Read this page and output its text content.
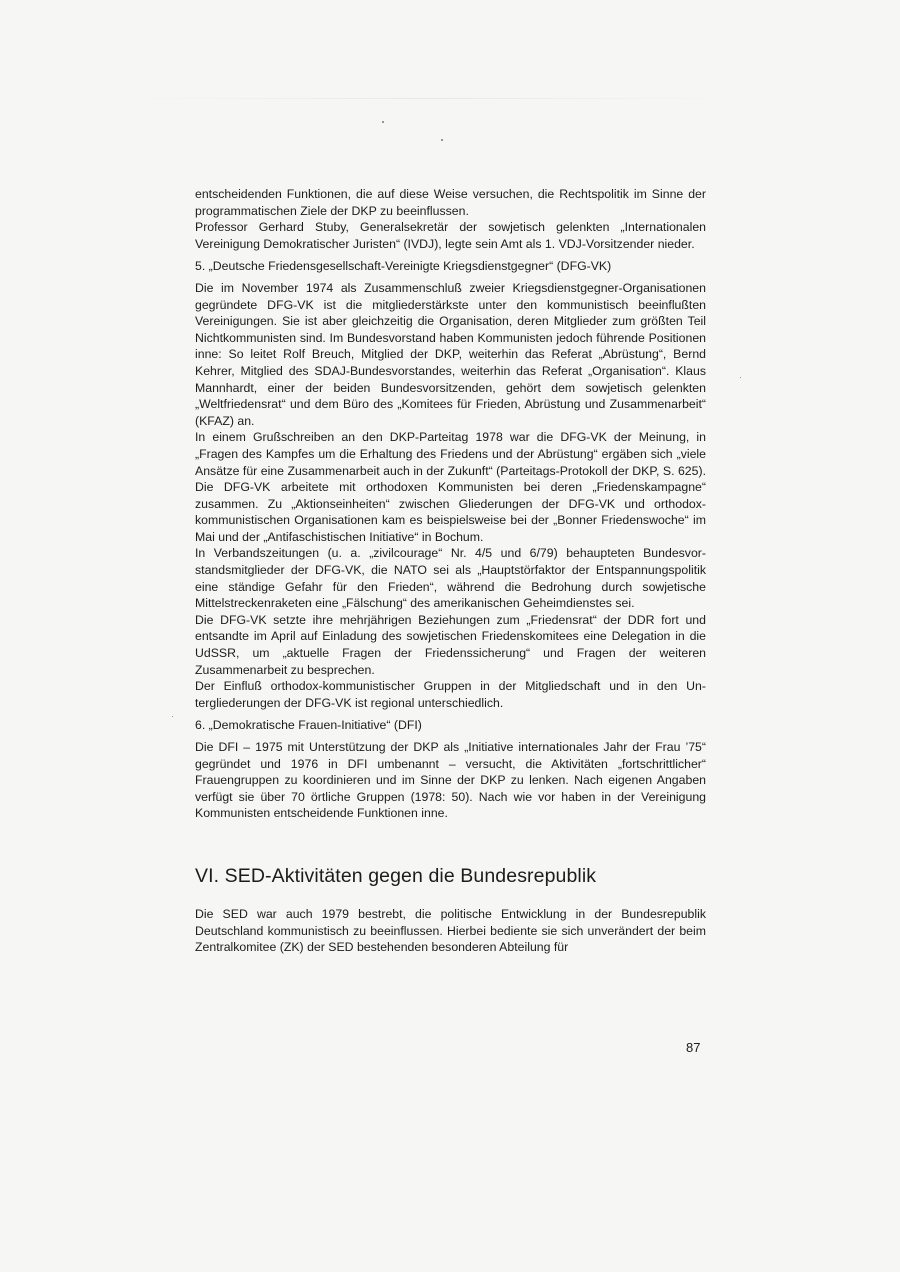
entscheidenden Funktionen, die auf diese Weise versuchen, die Rechtspolitik im Sinne der programmatischen Ziele der DKP zu beeinflussen.

Professor Gerhard Stuby, Generalsekretär der sowjetisch gelenkten „Internationalen Vereinigung Demokratischer Juristen“ (IVDJ), legte sein Amt als 1. VDJ-Vorsitzender nieder.

5. „Deutsche Friedensgesellschaft-Vereinigte Kriegsdienstgegner“ (DFG-VK)

Die im November 1974 als Zusammenschluß zweier Kriegsdienstgegner-Organisationen gegründete DFG-VK ist die mitgliederstärkste unter den kommunistisch beeinflußten Vereinigungen. Sie ist aber gleichzeitig die Organisation, deren Mitglieder zum größten Teil Nichtkommunisten sind. Im Bundesvorstand haben Kommunisten jedoch führende Positionen inne: So leitet Rolf Breuch, Mitglied der DKP, weiterhin das Referat „Abrüstung“, Bernd Kehrer, Mitglied des SDAJ-Bundesvorstandes, weiterhin das Referat „Organisation“. Klaus Mannhardt, einer der beiden Bundesvorsitzenden, gehört dem sowjetisch gelenkten „Weltfriedensrat“ und dem Büro des „Komitees für Frieden, Abrüstung und Zusammenarbeit“ (KFAZ) an.

In einem Grußschreiben an den DKP-Parteitag 1978 war die DFG-VK der Meinung, in „Fragen des Kampfes um die Erhaltung des Friedens und der Abrüstung“ ergäben sich „viele Ansätze für eine Zusammenarbeit auch in der Zukunft“ (Parteitags-Protokoll der DKP, S. 625). Die DFG-VK arbeitete mit orthodoxen Kommunisten bei deren „Friedenskampagne“ zusammen. Zu „Aktionseinheiten“ zwischen Gliederungen der DFG-VK und orthodox-kommunistischen Organisationen kam es beispielsweise bei der „Bonner Friedenswoche“ im Mai und der „Antifaschistischen Initiative“ in Bochum.

In Verbandszeitungen (u. a. „zivilcourage“ Nr. 4/5 und 6/79) behaupteten Bundesvorstandsmitglieder der DFG-VK, die NATO sei als „Hauptstörfaktor der Entspannungspolitik eine ständige Gefahr für den Frieden“, während die Bedrohung durch sowjetische Mittelstreckenraketen eine „Fälschung“ des amerikanischen Geheimdienstes sei.

Die DFG-VK setzte ihre mehrjährigen Beziehungen zum „Friedensrat“ der DDR fort und entsandte im April auf Einladung des sowjetischen Friedenskomitees eine Delegation in die UdSSR, um „aktuelle Fragen der Friedenssicherung“ und Fragen der weiteren Zusammenarbeit zu besprechen.

Der Einfluß orthodox-kommunistischer Gruppen in der Mitgliedschaft und in den Untergliederungen der DFG-VK ist regional unterschiedlich.

6. „Demokratische Frauen-Initiative“ (DFI)

Die DFI – 1975 mit Unterstützung der DKP als „Initiative internationales Jahr der Frau ’75“ gegründet und 1976 in DFI umbenannt – versucht, die Aktivitäten „fortschrittlicher“ Frauengruppen zu koordinieren und im Sinne der DKP zu lenken. Nach eigenen Angaben verfügt sie über 70 örtliche Gruppen (1978: 50). Nach wie vor haben in der Vereinigung Kommunisten entscheidende Funktionen inne.

VI. SED-Aktivitäten gegen die Bundesrepublik

Die SED war auch 1979 bestrebt, die politische Entwicklung in der Bundesrepublik Deutschland kommunistisch zu beeinflussen. Hierbei bediente sie sich unverändert der beim Zentralkomitee (ZK) der SED bestehenden besonderen Abteilung für

87
